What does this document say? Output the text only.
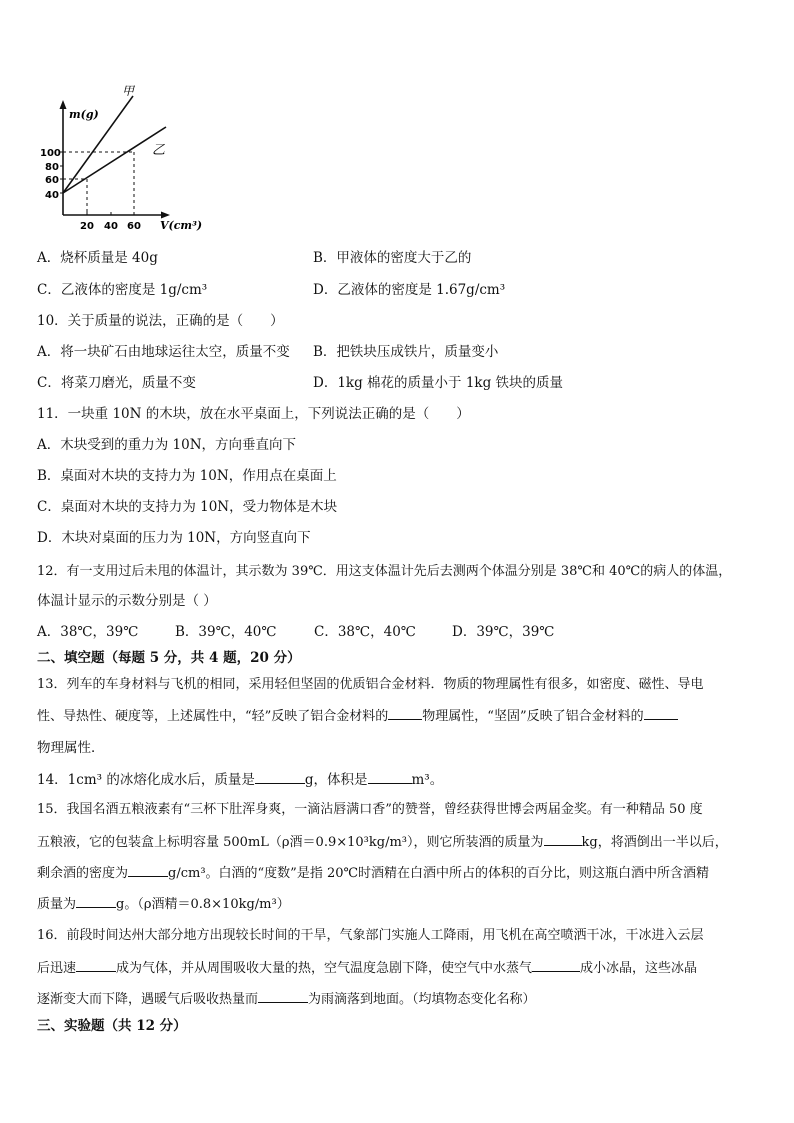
m(g)
V(cm³)
100
80
60
40
20 40 60
甲
乙
A．烧杯质量是 40g	B．甲液体的密度大于乙的
C．乙液体的密度是 1g/cm³	D．乙液体的密度是 1.67g/cm³
10．关于质量的说法，正确的是（　　）
A．将一块矿石由地球运往太空，质量不变 B．把铁块压成铁片，质量变小
C．将菜刀磨光，质量不变	D．1kg 棉花的质量小于 1kg 铁块的质量
11．一块重 10N 的木块，放在水平桌面上，下列说法正确的是（　　）
A．木块受到的重力为 10N，方向垂直向下
B．桌面对木块的支持力为 10N，作用点在桌面上
C．桌面对木块的支持力为 10N，受力物体是木块
D．木块对桌面的压力为 10N，方向竖直向下
12．有一支用过后未甩的体温计，其示数为 39℃．用这支体温计先后去测两个体温分别是 38℃和 40℃的病人的体温，
体温计显示的示数分别是（ ）
A．38℃，39℃	B．39℃，40℃	C．38℃，40℃	D．39℃，39℃
二、填空题（每题 5 分，共 4 题，20 分）
13．列车的车身材料与飞机的相同，采用轻但坚固的优质铝合金材料．物质的物理属性有很多，如密度、磁性、导电
性、导热性、硬度等，上述属性中，“轻”反映了铝合金材料的	物理属性，“坚固”反映了铝合金材料的
物理属性．
14．1cm³ 的冰熔化成水后，质量是	g，体积是	m³。
15．我国名酒五粮液素有“三杯下肚浑身爽，一滴沾唇满口香”的赞誉，曾经获得世博会两届金奖。有一种精品 50 度
五粮液，它的包装盒上标明容量 500mL（ρ酒＝0.9×10³kg/m³），则它所装酒的质量为	kg，将酒倒出一半以后，
剩余酒的密度为	g/cm³。白酒的“度数”是指 20℃时酒精在白酒中所占的体积的百分比，则这瓶白酒中所含酒精
质量为	g。（ρ酒精＝0.8×10kg/m³）
16．前段时间达州大部分地方出现较长时间的干旱，气象部门实施人工降雨，用飞机在高空喷洒干冰，干冰进入云层
后迅速	成为气体，并从周围吸收大量的热，空气温度急剧下降，使空气中水蒸气	成小冰晶，这些冰晶
逐渐变大而下降，遇暖气后吸收热量而	为雨滴落到地面。（均填物态变化名称）
三、实验题（共 12 分）
